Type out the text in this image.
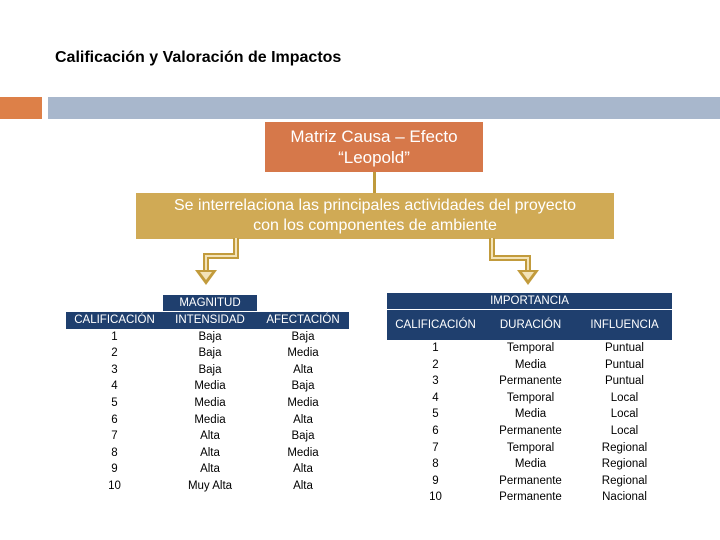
Calificación y Valoración de Impactos
Matriz Causa – Efecto
“Leopold”
Se interrelaciona las principales actividades del proyecto
con los componentes de ambiente
MAGNITUD
CALIFICACIÓN	INTENSIDAD	AFECTACIÓN
1	Baja	Baja
2	Baja	Media
3	Baja	Alta
4	Media	Baja
5	Media	Media
6	Media	Alta
7	Alta	Baja
8	Alta	Media
9	Alta	Alta
10	Muy Alta	Alta
IMPORTANCIA
CALIFICACIÓN	DURACIÓN	INFLUENCIA
1	Temporal	Puntual
2	Media	Puntual
3	Permanente	Puntual
4	Temporal	Local
5	Media	Local
6	Permanente	Local
7	Temporal	Regional
8	Media	Regional
9	Permanente	Regional
10	Permanente	Nacional
